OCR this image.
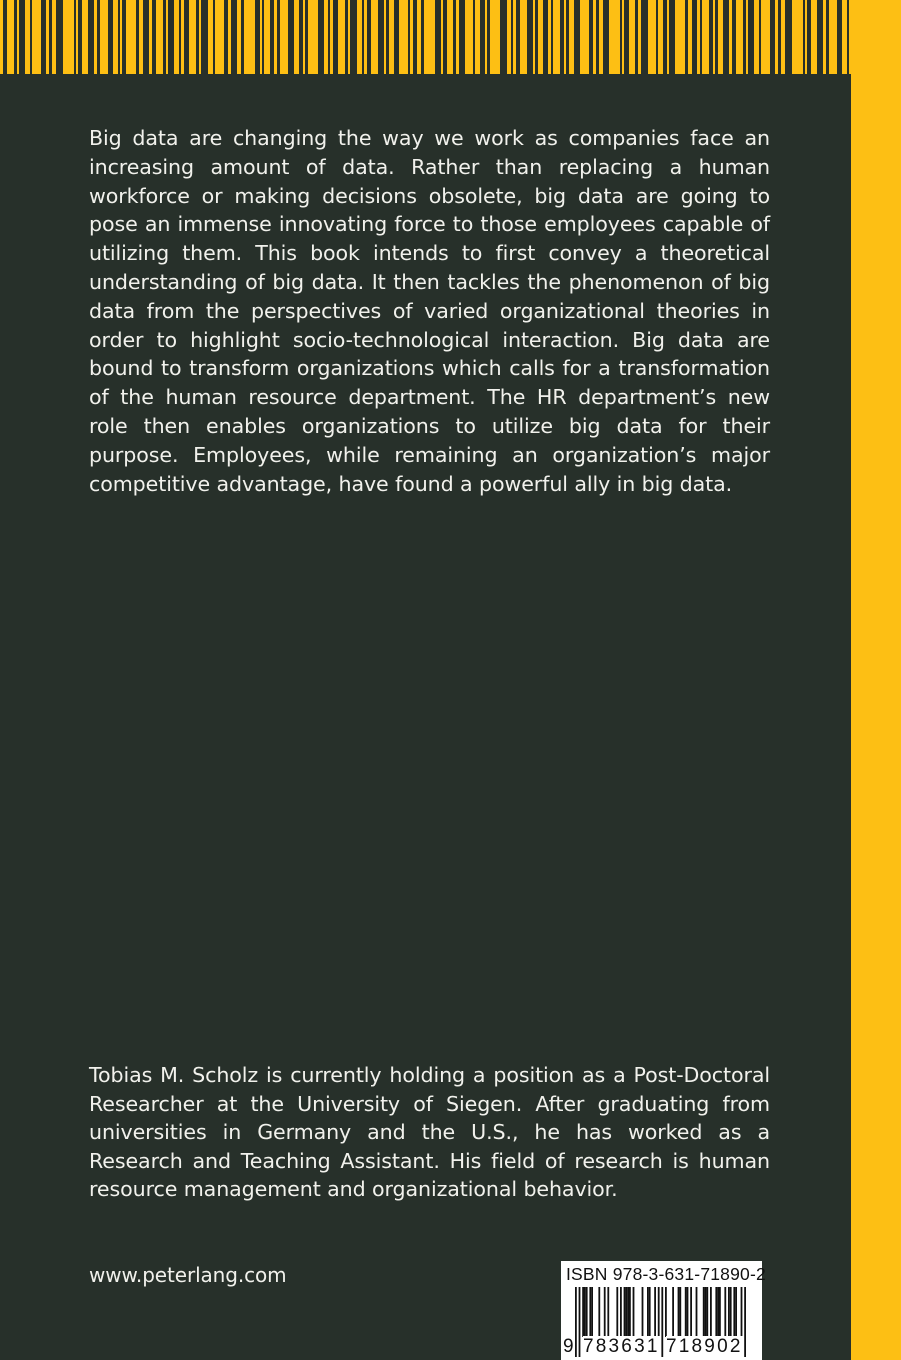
Big data are changing the way we work as companies face an increasing amount of data. Rather than replacing a human workforce or making decisions obsolete, big data are going to pose an immense innovating force to those employees capable of utilizing them. This book intends to first convey a theoretical understanding of big data. It then tackles the phenomenon of big data from the perspectives of varied organizational theories in order to highlight socio-technological interaction. Big data are bound to transform organizations which calls for a transformation of the human resource department. The HR department’s new role then enables organizations to utilize big data for their purpose. Employees, while remaining an organization’s major competitive advantage, have found a powerful ally in big data.

Tobias M. Scholz is currently holding a position as a Post-Doctoral Researcher at the University of Siegen. After graduating from universities in Germany and the U.S., he has worked as a Research and Teaching Assistant. His field of research is human resource management and organizational behavior.

www.peterlang.com	ISBN 978-3-631-71890-2
9 783631 718902
